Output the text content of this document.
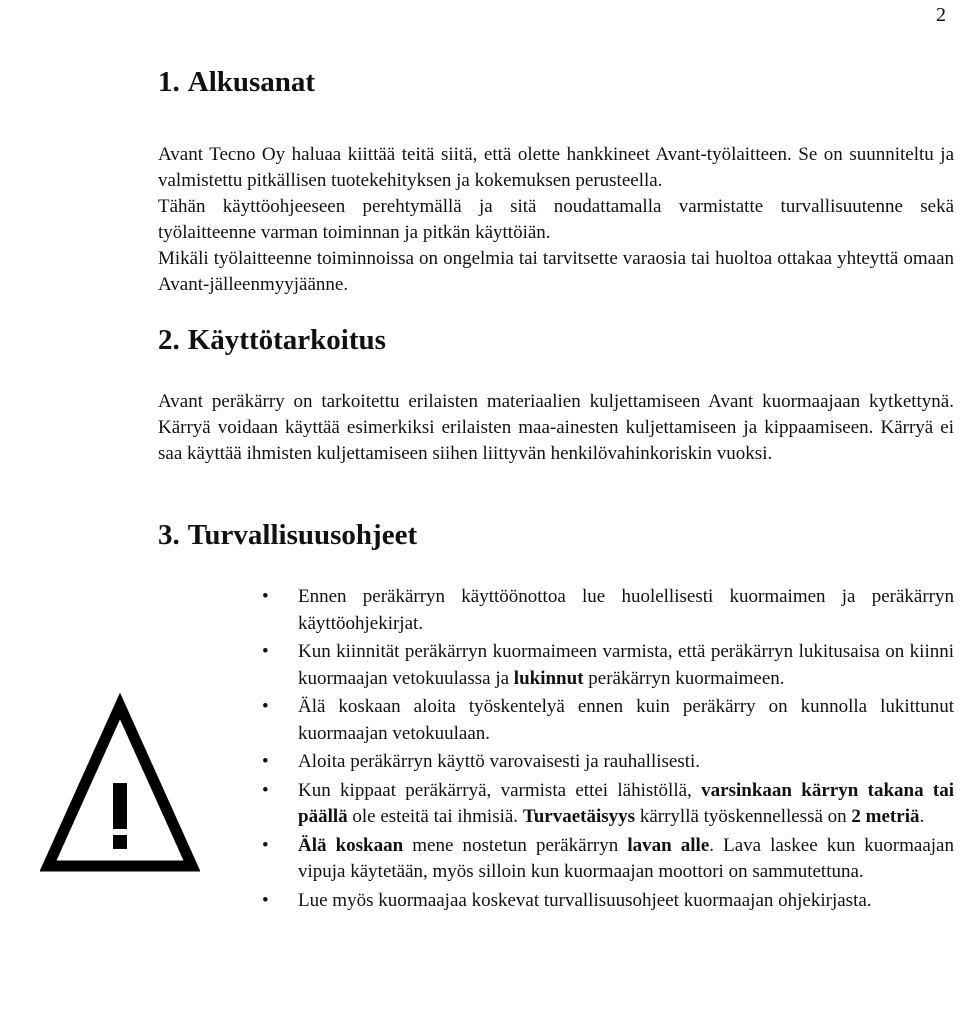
2
1. Alkusanat

Avant Tecno Oy haluaa kiittää teitä siitä, että olette hankkineet Avant-työlaitteen. Se on suunniteltu ja valmistettu pitkällisen tuotekehityksen ja kokemuksen perusteella.

Tähän käyttöohjeeseen perehtymällä ja sitä noudattamalla varmistatte turvallisuutenne sekä työlaitteenne varman toiminnan ja pitkän käyttöiän.

Mikäli työlaitteenne toiminnoissa on ongelmia tai tarvitsette varaosia tai huoltoa ottakaa yhteyttä omaan Avant-jälleenmyyjäänne.

2. Käyttötarkoitus

Avant peräkärry on tarkoitettu erilaisten materiaalien kuljettamiseen Avant kuormaajaan kytkettynä. Kärryä voidaan käyttää esimerkiksi erilaisten maa-ainesten kuljettamiseen ja kippaamiseen. Kärryä ei saa käyttää ihmisten kuljettamiseen siihen liittyvän henkilövahinkoriskin vuoksi.

3. Turvallisuusohjeet
• Ennen peräkärryn käyttöönottoa lue huolellisesti kuormaimen ja peräkärryn käyttöohjekirjat.
• Kun kiinnität peräkärryn kuormaimeen varmista, että peräkärryn lukitusaisa on kiinni kuormaajan vetokuulassa ja lukinnut peräkärryn kuormaimeen.
• Älä koskaan aloita työskentelyä ennen kuin peräkärry on kunnolla lukittunut kuormaajan vetokuulaan.
• Aloita peräkärryn käyttö varovaisesti ja rauhallisesti.
• Kun kippaat peräkärryä, varmista ettei lähistöllä, varsinkaan kärryn takana tai päällä ole esteitä tai ihmisiä. Turvaetäisyys kärryllä työskennellessä on 2 metriä.
• Älä koskaan mene nostetun peräkärryn lavan alle. Lava laskee kun kuormaajan vipuja käytetään, myös silloin kun kuormaajan moottori on sammutettuna.
• Lue myös kuormaajaa koskevat turvallisuusohjeet kuormaajan ohjekirjasta.
